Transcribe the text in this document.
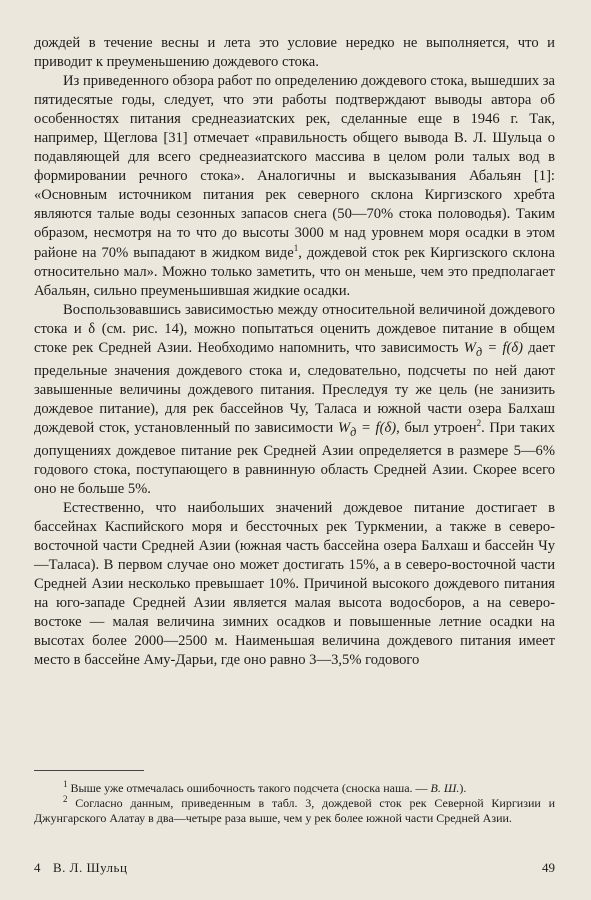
дождей в течение весны и лета это условие нередко не выполняется, что и приводит к преуменьшению дождевого стока.

Из приведенного обзора работ по определению дождевого стока, вышедших за пятидесятые годы, следует, что эти работы подтверждают выводы автора об особенностях питания среднеазиатских рек, сделанные еще в 1946 г. Так, например, Щеглова [31] отмечает «правильность общего вывода В. Л. Шульца о подавляющей для всего среднеазиатского массива в целом роли талых вод в формировании речного стока». Аналогичны и высказывания Абальян [1]: «Основным источником питания рек северного склона Киргизского хребта являются талые воды сезонных запасов снега (50—70% стока половодья). Таким образом, несмотря на то что до высоты 3000 м над уровнем моря осадки в этом районе на 70% выпадают в жидком виде$^1$, дождевой сток рек Киргизского склона относительно мал». Можно только заметить, что он меньше, чем это предполагает Абальян, сильно преуменьшившая жидкие осадки.

Воспользовавшись зависимостью между относительной величиной дождевого стока и δ (см. рис. 14), можно попытаться оценить дождевое питание в общем стоке рек Средней Азии. Необходимо напомнить, что зависимость $W_д = f(\delta)$ дает предельные значения дождевого стока и, следовательно, подсчеты по ней дают завышенные величины дождевого питания. Преследуя ту же цель (не занизить дождевое питание), для рек бассейнов Чу, Таласа и южной части озера Балхаш дождевой сток, установленный по зависимости $W_д = f(\delta)$, был утроен$^2$. При таких допущениях дождевое питание рек Средней Азии определяется в размере 5—6% годового стока, поступающего в равнинную область Средней Азии. Скорее всего оно не больше 5%.

Естественно, что наибольших значений дождевое питание достигает в бассейнах Каспийского моря и бессточных рек Туркмении, а также в северо-восточной части Средней Азии (южная часть бассейна озера Балхаш и бассейн Чу—Таласа). В первом случае оно может достигать 15%, а в северо-восточной части Средней Азии несколько превышает 10%. Причиной высокого дождевого питания на юго-западе Средней Азии является малая высота водосборов, а на северо-востоке — малая величина зимних осадков и повышенные летние осадки на высотах более 2000—2500 м. Наименьшая величина дождевого питания имеет место в бассейне Аму-Дарьи, где оно равно 3—3,5% годового

$^1$ Выше уже отмечалась ошибочность такого подсчета (сноска наша. — В. Ш.).

$^2$ Согласно данным, приведенным в табл. 3, дождевой сток рек Северной Киргизии и Джунгарского Алатау в два—четыре раза выше, чем у рек более южной части Средней Азии.

4 В. Л. Шульц	49
